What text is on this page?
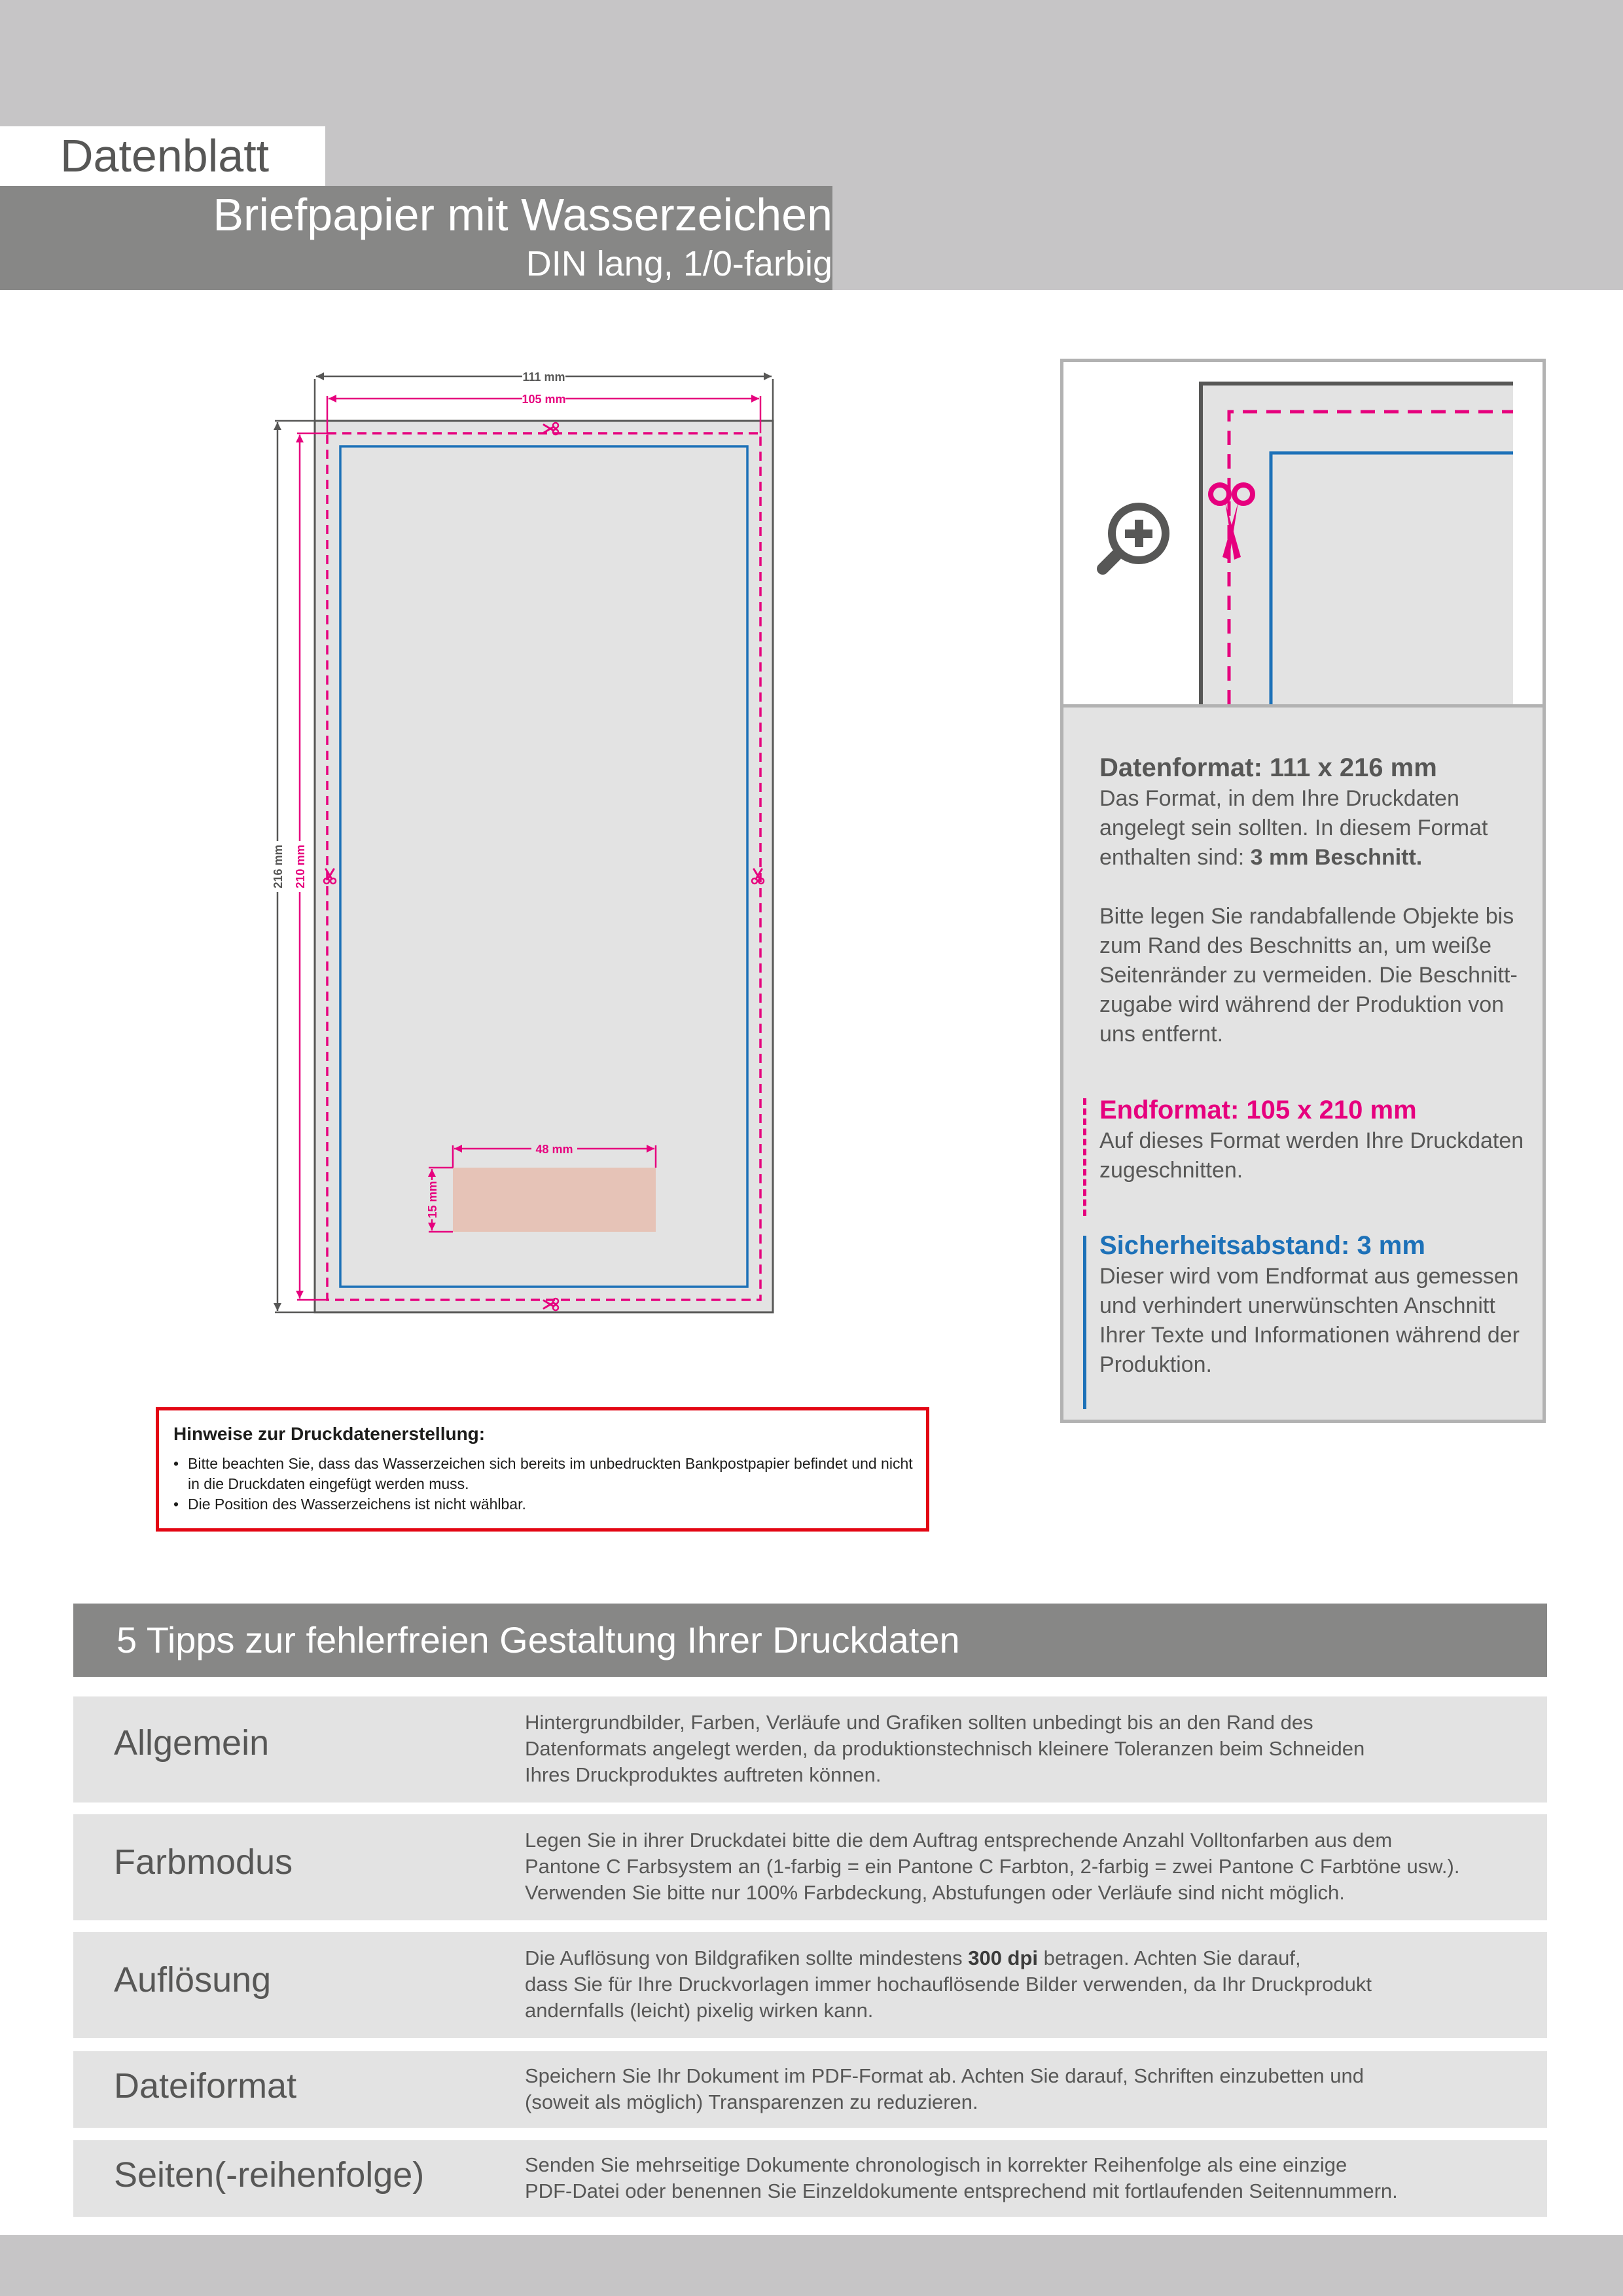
Datenblatt
Briefpapier mit Wasserzeichen
DIN lang, 1/0-farbig
111 mm
105 mm
216 mm 210 mm
48 mm
15 mm
Datenformat: 111 x 216 mm
Das Format, in dem Ihre Druckdaten angelegt sein sollten. In diesem Format enthalten sind: 3 mm Beschnitt.
Bitte legen Sie randabfallende Objekte bis zum Rand des Beschnitts an, um weiße Seitenränder zu vermeiden. Die Beschnitt-zugabe wird während der Produktion von uns entfernt.
Endformat: 105 x 210 mm
Auf dieses Format werden Ihre Druckdaten zugeschnitten.
Sicherheitsabstand: 3 mm
Dieser wird vom Endformat aus gemessen und verhindert unerwünschten Anschnitt Ihrer Texte und Informationen während der Produktion.
Hinweise zur Druckdatenerstellung:
• Bitte beachten Sie, dass das Wasserzeichen sich bereits im unbedruckten Bankpostpapier befindet und nicht in die Druckdaten eingefügt werden muss.
• Die Position des Wasserzeichens ist nicht wählbar.
5 Tipps zur fehlerfreien Gestaltung Ihrer Druckdaten
Allgemein
Hintergrundbilder, Farben, Verläufe und Grafiken sollten unbedingt bis an den Rand des
Datenformats angelegt werden, da produktionstechnisch kleinere Toleranzen beim Schneiden
Ihres Druckproduktes auftreten können.
Farbmodus
Legen Sie in ihrer Druckdatei bitte die dem Auftrag entsprechende Anzahl Volltonfarben aus dem
Pantone C Farbsystem an (1-farbig = ein Pantone C Farbton, 2-farbig = zwei Pantone C Farbtöne usw.).
Verwenden Sie bitte nur 100% Farbdeckung, Abstufungen oder Verläufe sind nicht möglich.
Auflösung
Die Auflösung von Bildgrafiken sollte mindestens 300 dpi betragen. Achten Sie darauf,
dass Sie für Ihre Druckvorlagen immer hochauflösende Bilder verwenden, da Ihr Druckprodukt
andernfalls (leicht) pixelig wirken kann.
Dateiformat	Speichern Sie Ihr Dokument im PDF-Format ab. Achten Sie darauf, Schriften einzubetten und
(soweit als möglich) Transparenzen zu reduzieren.
Seiten(-reihenfolge)	Senden Sie mehrseitige Dokumente chronologisch in korrekter Reihenfolge als eine einzige
PDF-Datei oder benennen Sie Einzeldokumente entsprechend mit fortlaufenden Seitennummern.
